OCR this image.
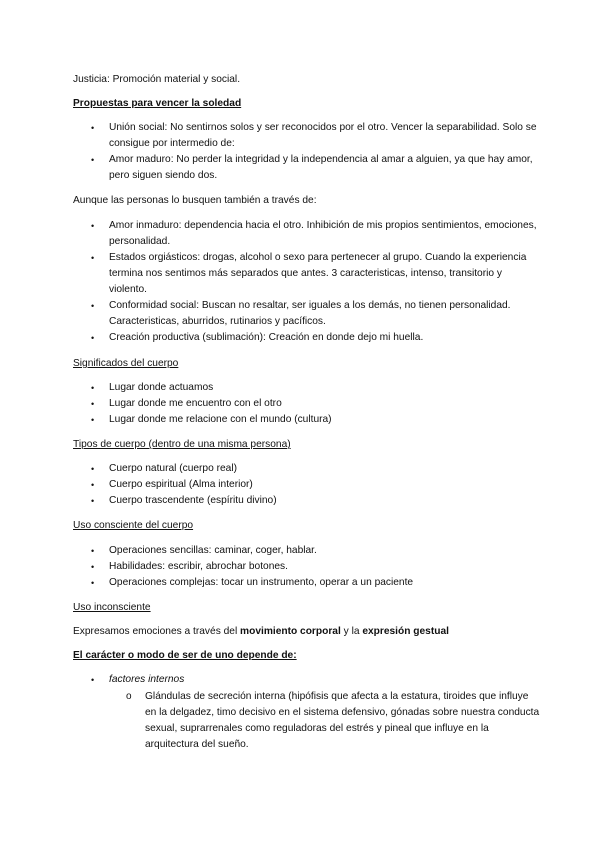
Justicia: Promoción material y social.

Propuestas para vencer la soledad

• Unión social: No sentirnos solos y ser reconocidos por el otro. Vencer la separabilidad. Solo se consigue por intermedio de:
• Amor maduro: No perder la integridad y la independencia al amar a alguien, ya que hay amor, pero siguen siendo dos.

Aunque las personas lo busquen también a través de:

• Amor inmaduro: dependencia hacia el otro. Inhibición de mis propios sentimientos, emociones, personalidad.
• Estados orgiásticos: drogas, alcohol o sexo para pertenecer al grupo. Cuando la experiencia termina nos sentimos más separados que antes. 3 caracteristicas, intenso, transitorio y violento.
• Conformidad social: Buscan no resaltar, ser iguales a los demás, no tienen personalidad. Caracteristicas, aburridos, rutinarios y pacíficos.
• Creación productiva (sublimación): Creación en donde dejo mi huella.

Significados del cuerpo

• Lugar donde actuamos
• Lugar donde me encuentro con el otro
• Lugar donde me relacione con el mundo (cultura)

Tipos de cuerpo (dentro de una misma persona)

• Cuerpo natural (cuerpo real)
• Cuerpo espiritual (Alma interior)
• Cuerpo trascendente (espíritu divino)

Uso consciente del cuerpo

• Operaciones sencillas: caminar, coger, hablar.
• Habilidades: escribir, abrochar botones.
• Operaciones complejas: tocar un instrumento, operar a un paciente

Uso inconsciente

Expresamos emociones a través del movimiento corporal y la expresión gestual

El carácter o modo de ser de uno depende de:

• factores internos
o Glándulas de secreción interna (hipófisis que afecta a la estatura, tiroides que influye en la delgadez, timo decisivo en el sistema defensivo, gónadas sobre nuestra conducta sexual, suprarrenales como reguladoras del estrés y pineal que influye en la arquitectura del sueño.
